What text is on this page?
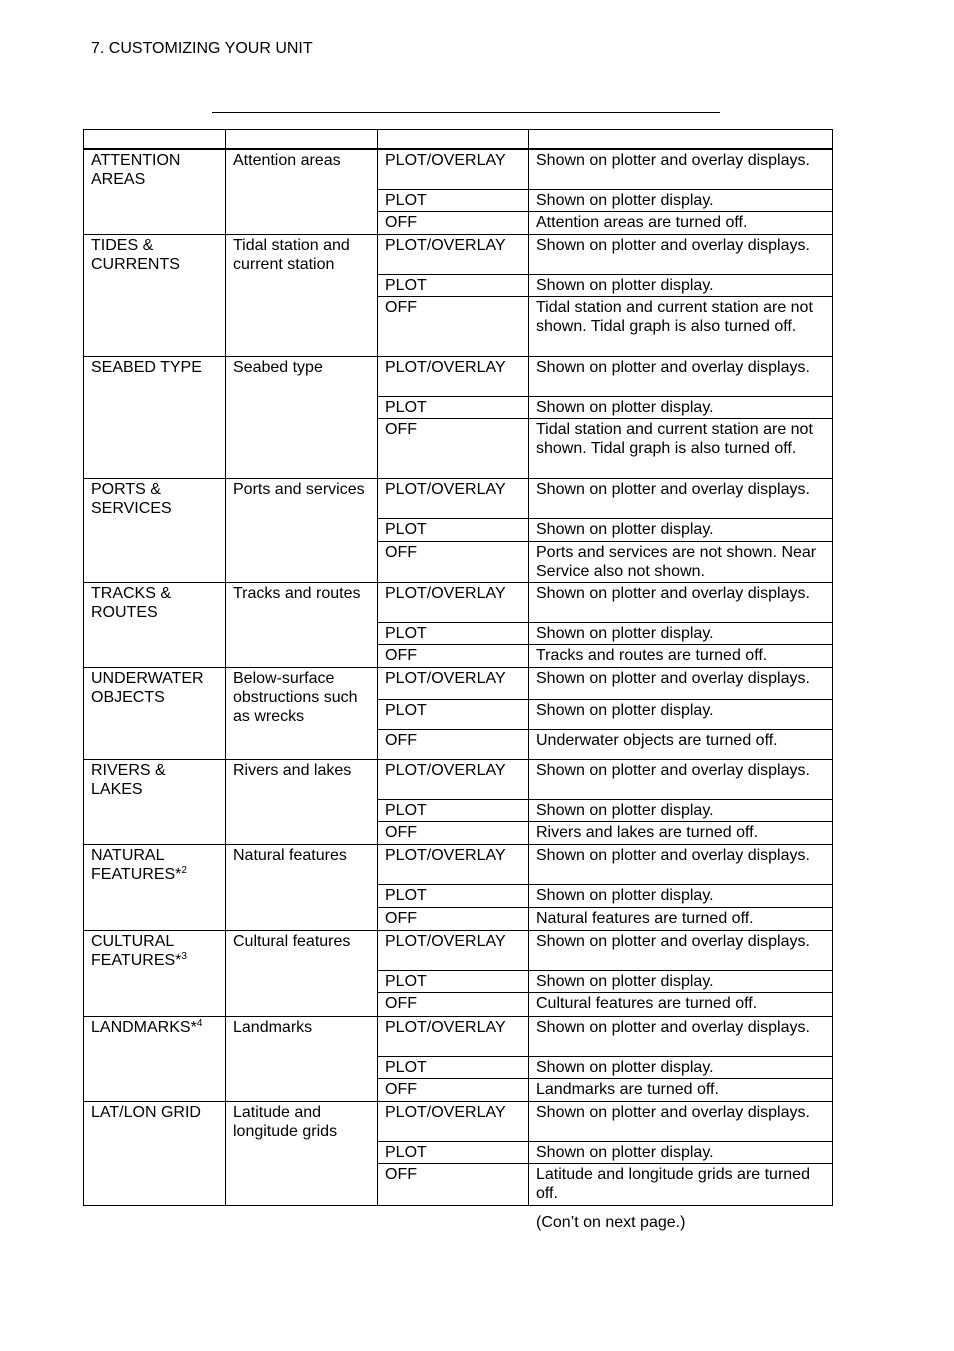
7. CUSTOMIZING YOUR UNIT

ATTENTION AREAS	Attention areas	PLOT/OVERLAY	Shown on plotter and overlay displays.
		PLOT	Shown on plotter display.
		OFF	Attention areas are turned off.
TIDES & CURRENTS	Tidal station and current station	PLOT/OVERLAY	Shown on plotter and overlay displays.
		PLOT	Shown on plotter display.
		OFF	Tidal station and current station are not shown. Tidal graph is also turned off.
SEABED TYPE	Seabed type	PLOT/OVERLAY	Shown on plotter and overlay displays.
		PLOT	Shown on plotter display.
		OFF	Tidal station and current station are not shown. Tidal graph is also turned off.
PORTS & SERVICES	Ports and services	PLOT/OVERLAY	Shown on plotter and overlay displays.
		PLOT	Shown on plotter display.
		OFF	Ports and services are not shown. Near Service also not shown.
TRACKS & ROUTES	Tracks and routes	PLOT/OVERLAY	Shown on plotter and overlay displays.
		PLOT	Shown on plotter display.
		OFF	Tracks and routes are turned off.
UNDERWATER OBJECTS	Below-surface obstructions such as wrecks	PLOT/OVERLAY	Shown on plotter and overlay displays.
		PLOT	Shown on plotter display.
		OFF	Underwater objects are turned off.
RIVERS & LAKES	Rivers and lakes	PLOT/OVERLAY	Shown on plotter and overlay displays.
		PLOT	Shown on plotter display.
		OFF	Rivers and lakes are turned off.
NATURAL FEATURES*$^2$	Natural features	PLOT/OVERLAY	Shown on plotter and overlay displays.
		PLOT	Shown on plotter display.
		OFF	Natural features are turned off.
CULTURAL FEATURES*$^3$	Cultural features	PLOT/OVERLAY	Shown on plotter and overlay displays.
		PLOT	Shown on plotter display.
		OFF	Cultural features are turned off.
LANDMARKS*$^4$	Landmarks	PLOT/OVERLAY	Shown on plotter and overlay displays.
		PLOT	Shown on plotter display.
		OFF	Landmarks are turned off.
LAT/LON GRID	Latitude and longitude grids	PLOT/OVERLAY	Shown on plotter and overlay displays.
		PLOT	Shown on plotter display.
		OFF	Latitude and longitude grids are turned off.
(Con’t on next page.)
